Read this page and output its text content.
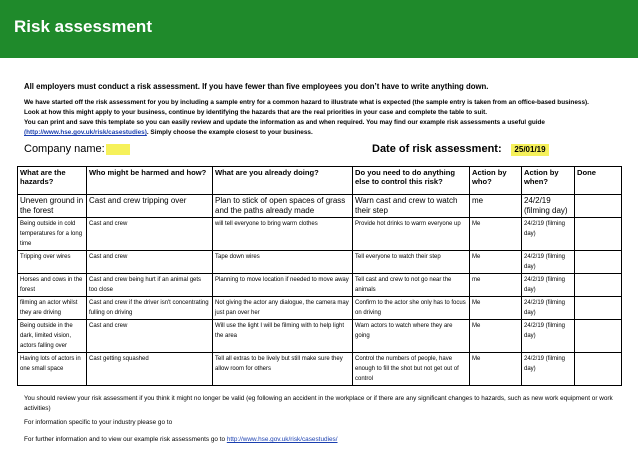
Risk assessment
All employers must conduct a risk assessment. If you have fewer than five employees you don’t have to write anything down.
We have started off the risk assessment for you by including a sample entry for a common hazard to illustrate what is expected (the sample entry is taken from an office-based business).
Look at how this might apply to your business, continue by identifying the hazards that are the real priorities in your case and complete the table to suit.
You can print and save this template so you can easily review and update the information as and when required. You may find our example risk assessments a useful guide
(http://www.hse.gov.uk/risk/casestudies). Simply choose the example closest to your business.
Company name:	Date of risk assessment:	25/01/19
What are the hazards?	Who might be harmed and how?	What are you already doing?	Do you need to do anything else to control this risk?	Action by who?	Action by when?	Done
Uneven ground in the forest	Cast and crew tripping over	Plan to stick of open spaces of grass and the paths already made	Warn cast and crew to watch their step	me	24/2/19 (filming day)	
Being outside in cold temperatures for a long time	Cast and crew	will tell everyone to bring warm clothes	Provide hot drinks to warm everyone up	Me	24/2/19 (filming day)	
Tripping over wires	Cast and crew	Tape down wires	Tell everyone to watch their step	Me	24/2/19 (filming day)	
Horses and cows in the forest	Cast and crew being hurt if an animal gets too close	Planning to move location if needed to move away	Tell cast and crew to not go near the animals	me	24/2/19 (filming day)	
filming an actor whilst they are driving	Cast and crew if the driver isn't concentrating fulling on driving	Not giving the actor any dialogue, the camera may just pan over her	Confirm to the actor she only has to focus on driving	Me	24/2/19 (filming day)	
Being outside in the dark, limited vision, actors falling over	Cast and crew	Will use the light I will be filming with to help light the area	Warn actors to watch where they are going	Me	24/2/19 (filming day)	
Having lots of actors in one small space	Cast getting squashed	Tell all extras to be lively but still make sure they allow room for others	Control the numbers of people, have enough to fill the shot but not get out of control	Me	24/2/19 (filming day)	
You should review your risk assessment if you think it might no longer be valid (eg following an accident in the workplace or if there are any significant changes to hazards, such as new work equipment or work activities)
For information specific to your industry please go to
For further information and to view our example risk assessments go to http://www.hse.gov.uk/risk/casestudies/
